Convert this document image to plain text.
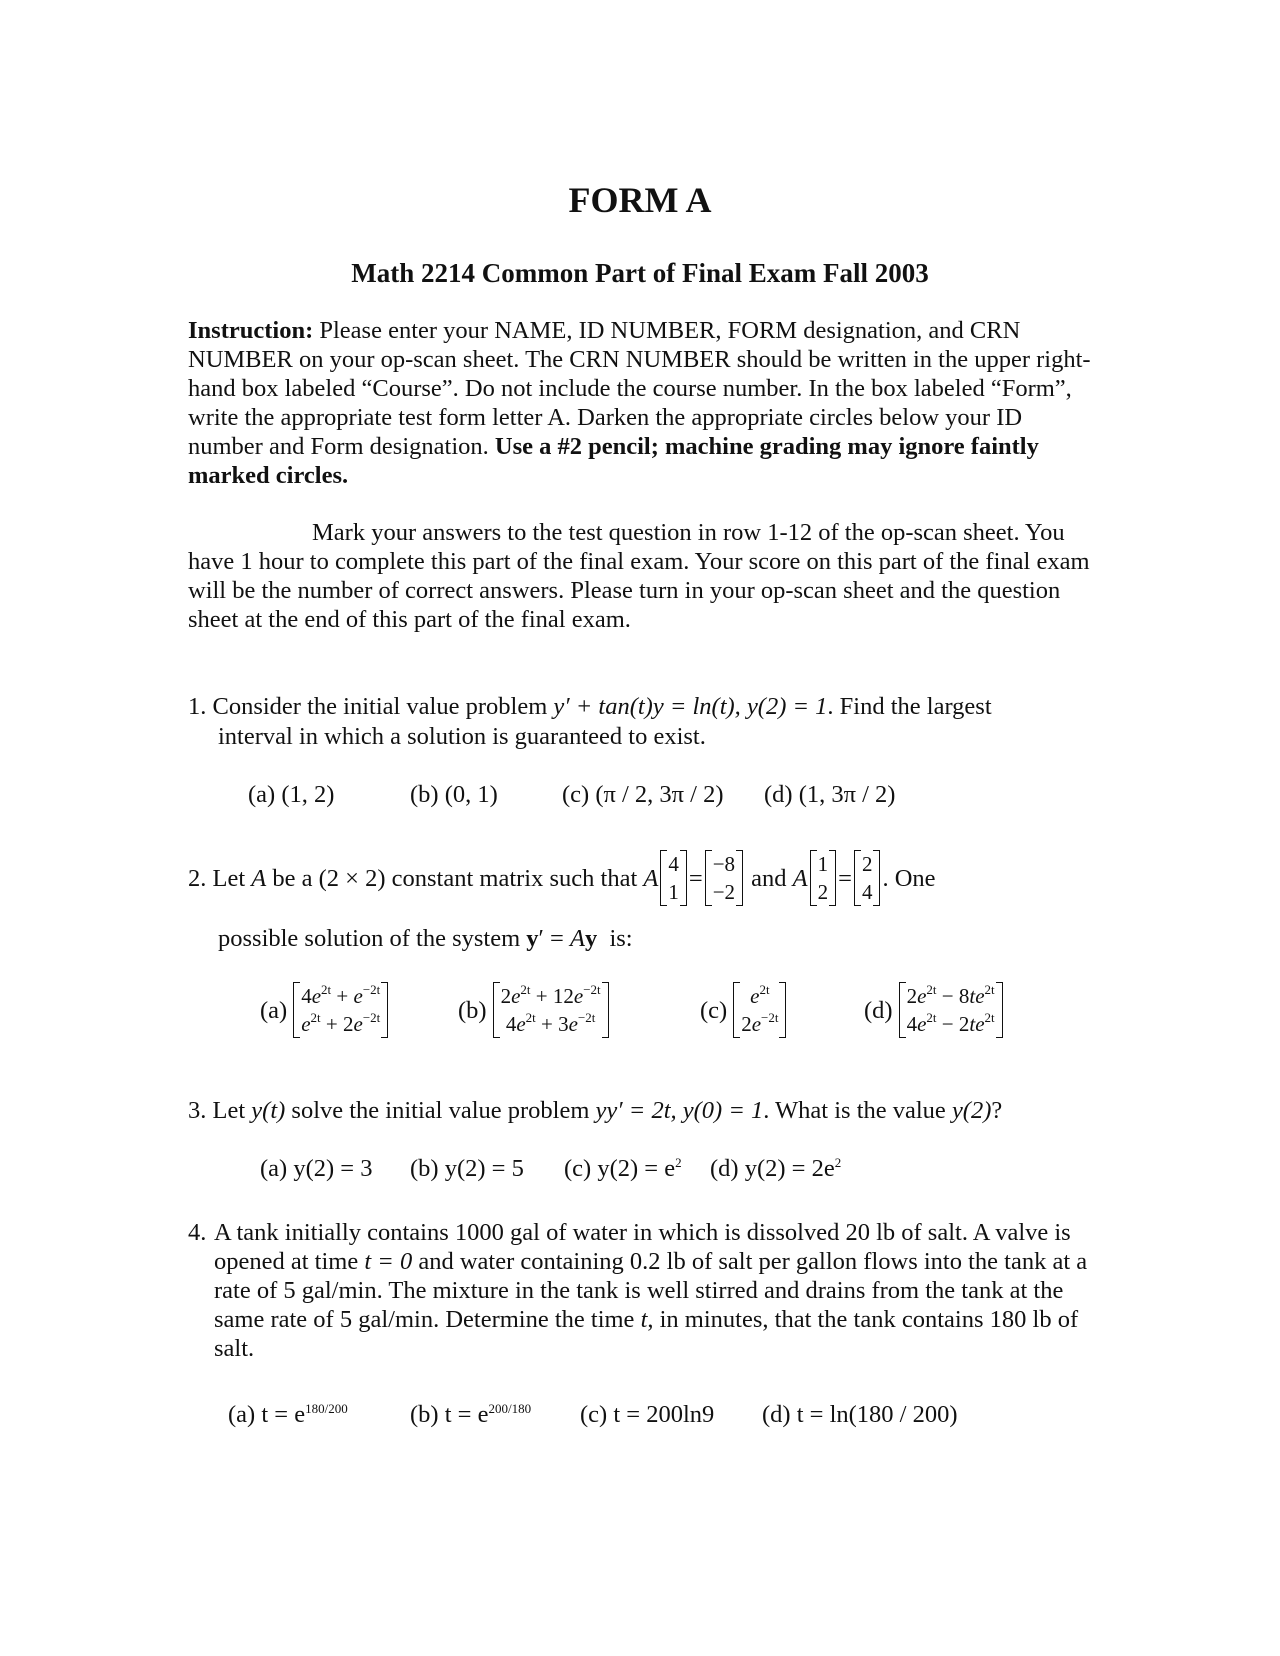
FORM A
Math 2214 Common Part of Final Exam Fall 2003
Instruction: Please enter your NAME, ID NUMBER, FORM designation, and CRN NUMBER on your op-scan sheet. The CRN NUMBER should be written in the upper right-hand box labeled “Course”. Do not include the course number. In the box labeled “Form”, write the appropriate test form letter A. Darken the appropriate circles below your ID number and Form designation. Use a #2 pencil; machine grading may ignore faintly marked circles.
Mark your answers to the test question in row 1-12 of the op-scan sheet. You have 1 hour to complete this part of the final exam. Your score on this part of the final exam will be the number of correct answers. Please turn in your op-scan sheet and the question sheet at the end of this part of the final exam.
1. Consider the initial value problem y′ + tan(t)y = ln(t), y(2) = 1. Find the largest
interval in which a solution is guaranteed to exist.
(a) (1, 2)	(b) (0, 1)	(c) (π / 2, 3π / 2) (d) (1, 3π / 2)
2.
Let
A
be a
(2 × 2)
constant matrix such that
A
4
1
=
−8
−2

and
A
1
2
=
2
4
. One
possible solution of the system y′ = Ay is:
(a)
$4e^{2t} + e^{-2t}$
$e^{2t} + 2e^{-2t}$	(b)
$2e^{2t} + 12e^{-2t}$
$4e^{2t} + 3e^{-2t}$	(c)
$e^{2t}$
$2e^{-2t}$	(d)
$2e^{2t} - 8te^{2t}$
$4e^{2t} - 2te^{2t}$
3. Let y(t) solve the initial value problem yy′ = 2t, y(0) = 1. What is the value y(2)?
(a) y(2) = 3 (b) y(2) = 5 (c) $y(2) = e^2$ (d) $y(2) = 2e^2$
4. A tank initially contains 1000 gal of water in which is dissolved 20 lb of salt. A valve is opened at time t = 0 and water containing 0.2 lb of salt per gallon flows into the tank at a rate of 5 gal/min. The mixture in the tank is well stirred and drains from the tank at the same rate of 5 gal/min. Determine the time t, in minutes, that the tank contains 180 lb of salt.
(a) $t = e^{180/200}$	(b) $t = e^{200/180}$ (c) t = 200ln9 (d) t = ln(180 / 200)
